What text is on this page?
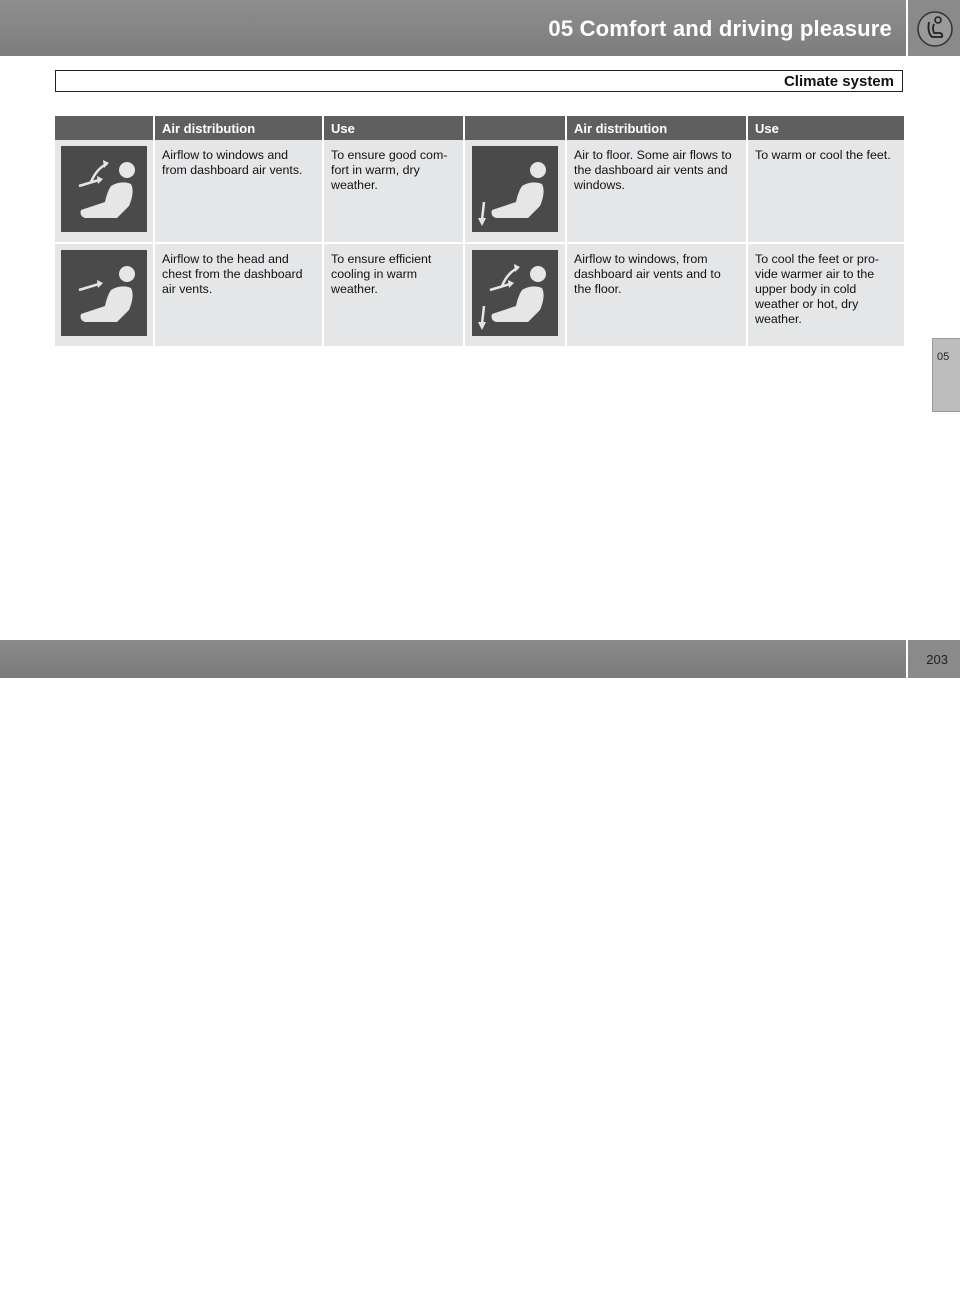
05 Comfort and driving pleasure
Climate system
	Air distribution	Use		Air distribution	Use
	Airflow to windows and from dashboard air vents.	To ensure good com-fort in warm, dry weather.		Air to floor. Some air flows to the dashboard air vents and windows.	To warm or cool the feet.
	Airflow to the head and chest from the dashboard air vents.	To ensure efficient cooling in warm weather.		Airflow to windows, from dashboard air vents and to the floor.	To cool the feet or pro-vide warmer air to the upper body in cold weather or hot, dry weather.
05
carmanualsonline.info
203
